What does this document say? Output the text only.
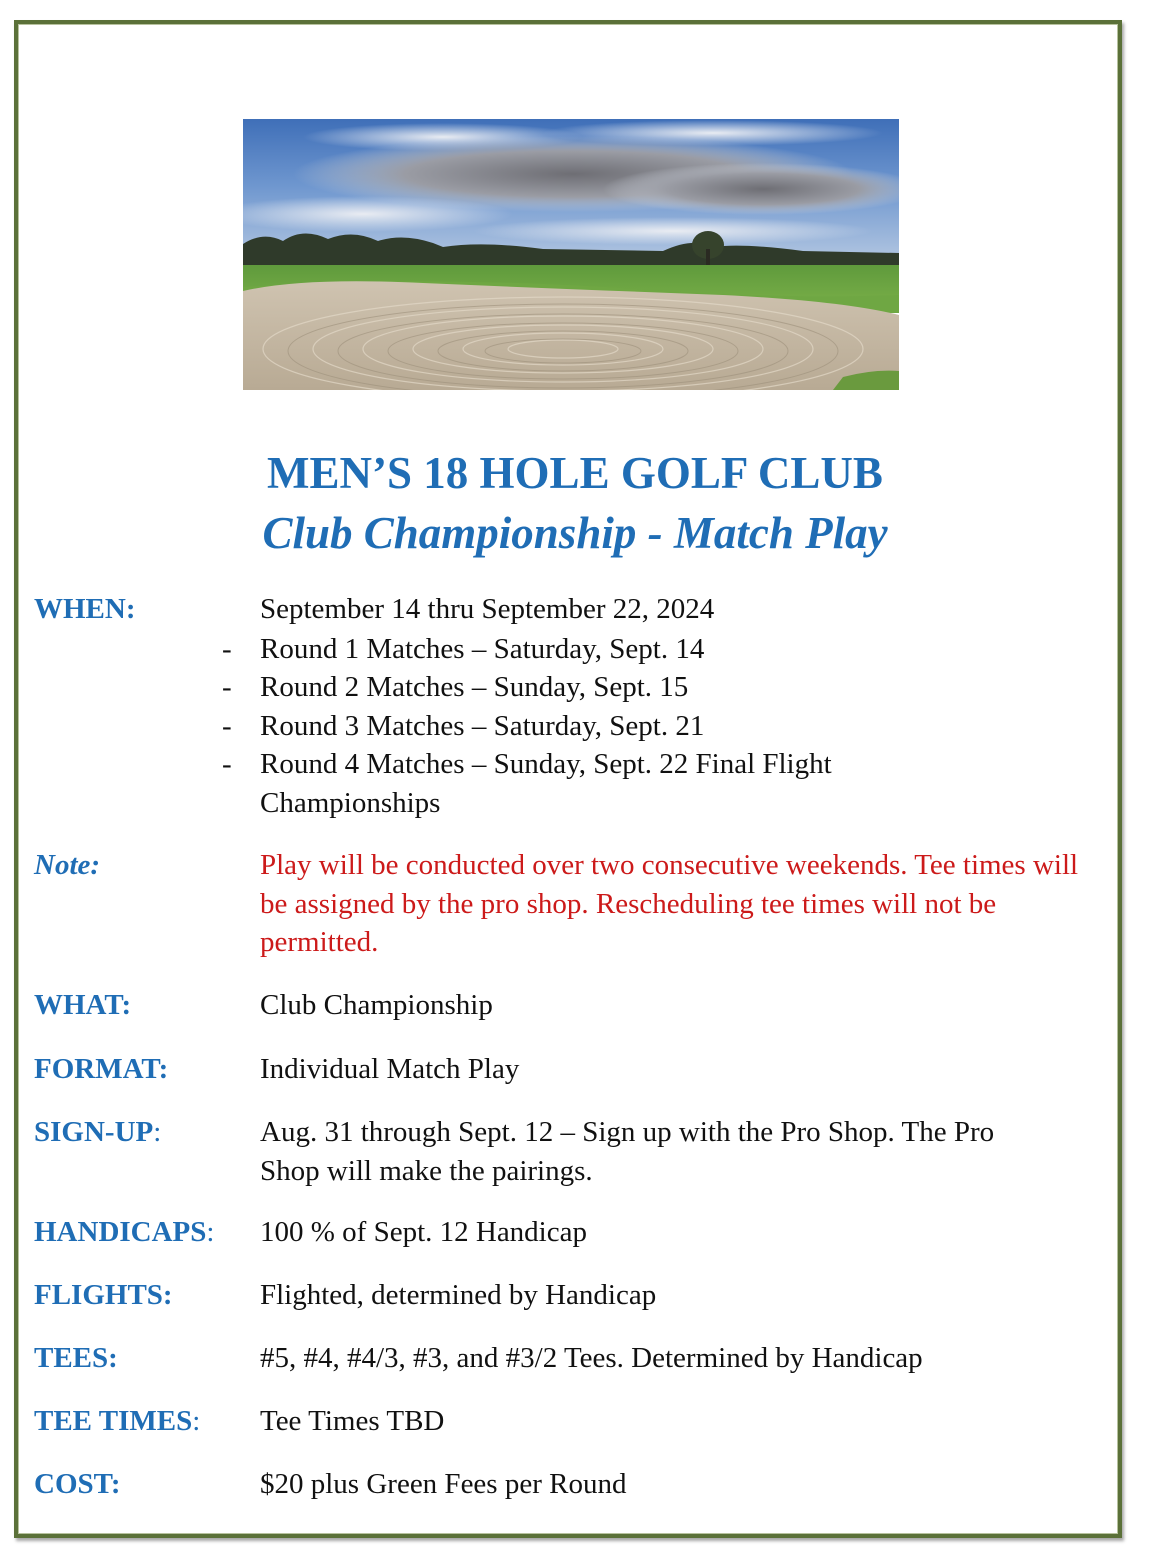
MEN’S 18 HOLE GOLF CLUB
Club Championship - Match Play
WHEN:	September 14 thru September 22, 2024
- Round 1 Matches – Saturday, Sept. 14
- Round 2 Matches – Sunday, Sept. 15
- Round 3 Matches – Saturday, Sept. 21
- Round 4 Matches – Sunday, Sept. 22 Final Flight Championships
Note:	Play will be conducted over two consecutive weekends. Tee times will be assigned by the pro shop. Rescheduling tee times will not be permitted.
WHAT:	Club Championship
FORMAT:	Individual Match Play
SIGN-UP:	Aug. 31 through Sept. 12 – Sign up with the Pro Shop. The Pro Shop will make the pairings.
HANDICAPS: 100 % of Sept. 12 Handicap
FLIGHTS:	Flighted, determined by Handicap
TEES:	#5, #4, #4/3, #3, and #3/2 Tees. Determined by Handicap
TEE TIMES: Tee Times TBD
COST:	$20 plus Green Fees per Round
